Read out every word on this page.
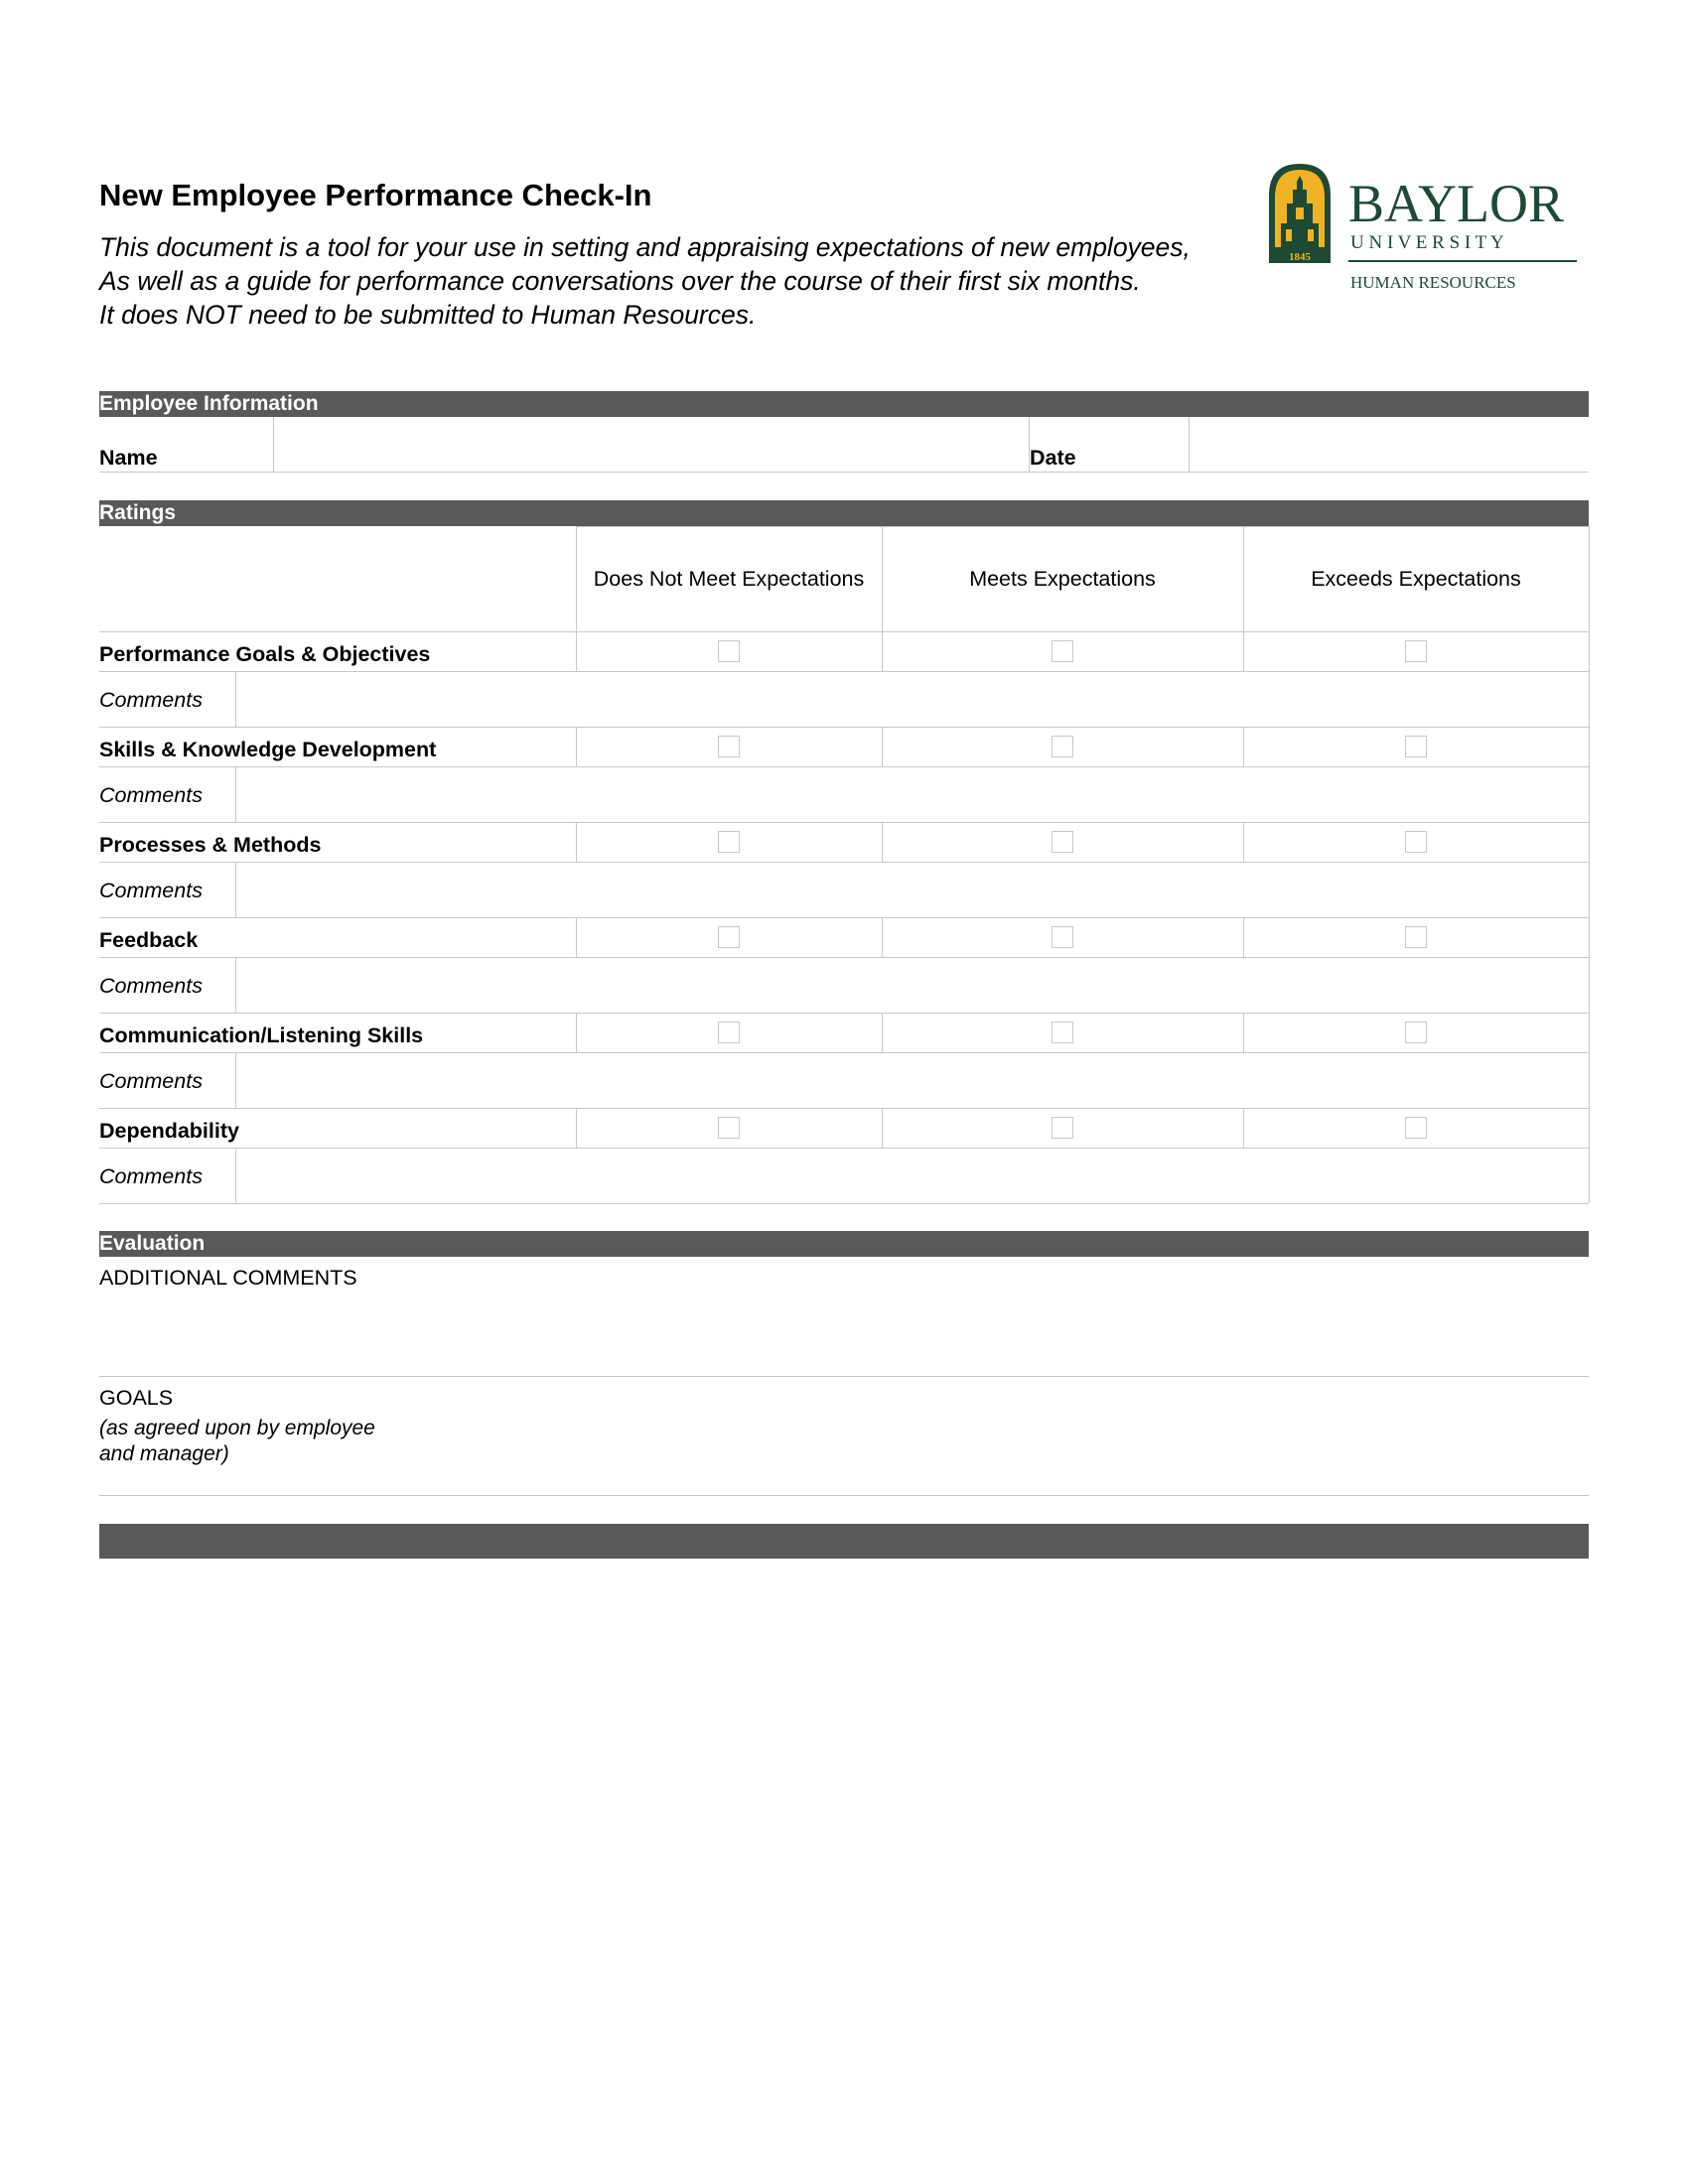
New Employee Performance Check-In
This document is a tool for your use in setting and appraising expectations of new employees,
As well as a guide for performance conversations over the course of their first six months.
It does NOT need to be submitted to Human Resources.
1845
BAYLOR
U N I V E R S I T Y
HUMAN RESOURCES
Employee Information
Name	Date
Ratings
Does Not Meet Expectations	Meets Expectations	Exceeds Expectations
Performance Goals & Objectives
Comments
Skills & Knowledge Development
Comments
Processes & Methods
Comments
Feedback
Comments
Communication/Listening Skills
Comments
Dependability
Comments
Evaluation
ADDITIONAL COMMENTS
GOALS
(as agreed upon by employee
and manager)
